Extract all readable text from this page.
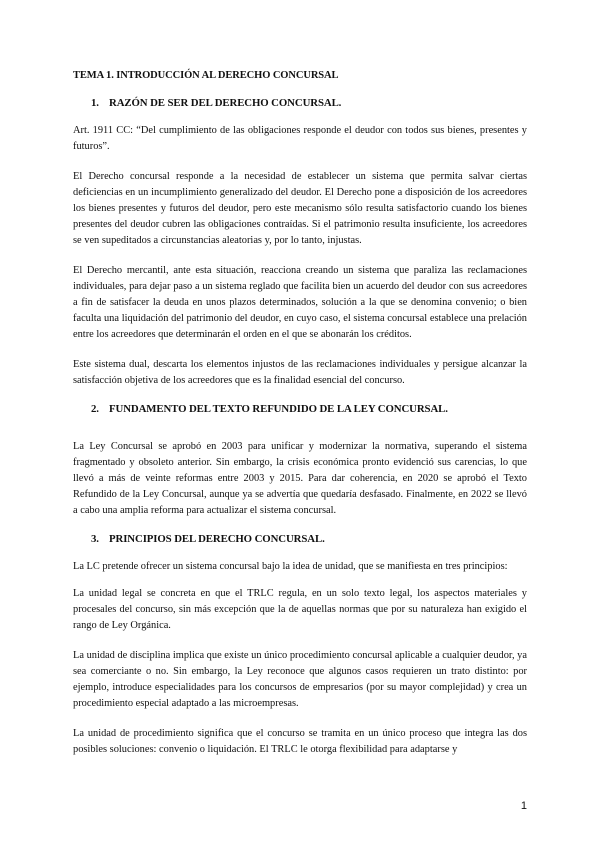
TEMA 1. INTRODUCCIÓN AL DERECHO CONCURSAL
1. RAZÓN DE SER DEL DERECHO CONCURSAL.

Art. 1911 CC: “Del cumplimiento de las obligaciones responde el deudor con todos sus bienes, presentes y futuros”.

El Derecho concursal responde a la necesidad de establecer un sistema que permita salvar ciertas deficiencias en un incumplimiento generalizado del deudor. El Derecho pone a disposición de los acreedores los bienes presentes y futuros del deudor, pero este mecanismo sólo resulta satisfactorio cuando los bienes presentes del deudor cubren las obligaciones contraídas. Si el patrimonio resulta insuficiente, los acreedores se ven supeditados a circunstancias aleatorias y, por lo tanto, injustas.

El Derecho mercantil, ante esta situación, reacciona creando un sistema que paraliza las reclamaciones individuales, para dejar paso a un sistema reglado que facilita bien un acuerdo del deudor con sus acreedores a fin de satisfacer la deuda en unos plazos determinados, solución a la que se denomina convenio; o bien faculta una liquidación del patrimonio del deudor, en cuyo caso, el sistema concursal establece una prelación entre los acreedores que determinarán el orden en el que se abonarán los créditos.

Este sistema dual, descarta los elementos injustos de las reclamaciones individuales y persigue alcanzar la satisfacción objetiva de los acreedores que es la finalidad esencial del concurso.

2. FUNDAMENTO DEL TEXTO REFUNDIDO DE LA LEY CONCURSAL.

La Ley Concursal se aprobó en 2003 para unificar y modernizar la normativa, superando el sistema fragmentado y obsoleto anterior. Sin embargo, la crisis económica pronto evidenció sus carencias, lo que llevó a más de veinte reformas entre 2003 y 2015. Para dar coherencia, en 2020 se aprobó el Texto Refundido de la Ley Concursal, aunque ya se advertía que quedaría desfasado. Finalmente, en 2022 se llevó a cabo una amplia reforma para actualizar el sistema concursal.

3. PRINCIPIOS DEL DERECHO CONCURSAL.

La LC pretende ofrecer un sistema concursal bajo la idea de unidad, que se manifiesta en tres principios:

La unidad legal se concreta en que el TRLC regula, en un solo texto legal, los aspectos materiales y procesales del concurso, sin más excepción que la de aquellas normas que por su naturaleza han exigido el rango de Ley Orgánica.

La unidad de disciplina implica que existe un único procedimiento concursal aplicable a cualquier deudor, ya sea comerciante o no. Sin embargo, la Ley reconoce que algunos casos requieren un trato distinto: por ejemplo, introduce especialidades para los concursos de empresarios (por su mayor complejidad) y crea un procedimiento especial adaptado a las microempresas.

La unidad de procedimiento significa que el concurso se tramita en un único proceso que integra las dos posibles soluciones: convenio o liquidación. El TRLC le otorga flexibilidad para adaptarse y

1
